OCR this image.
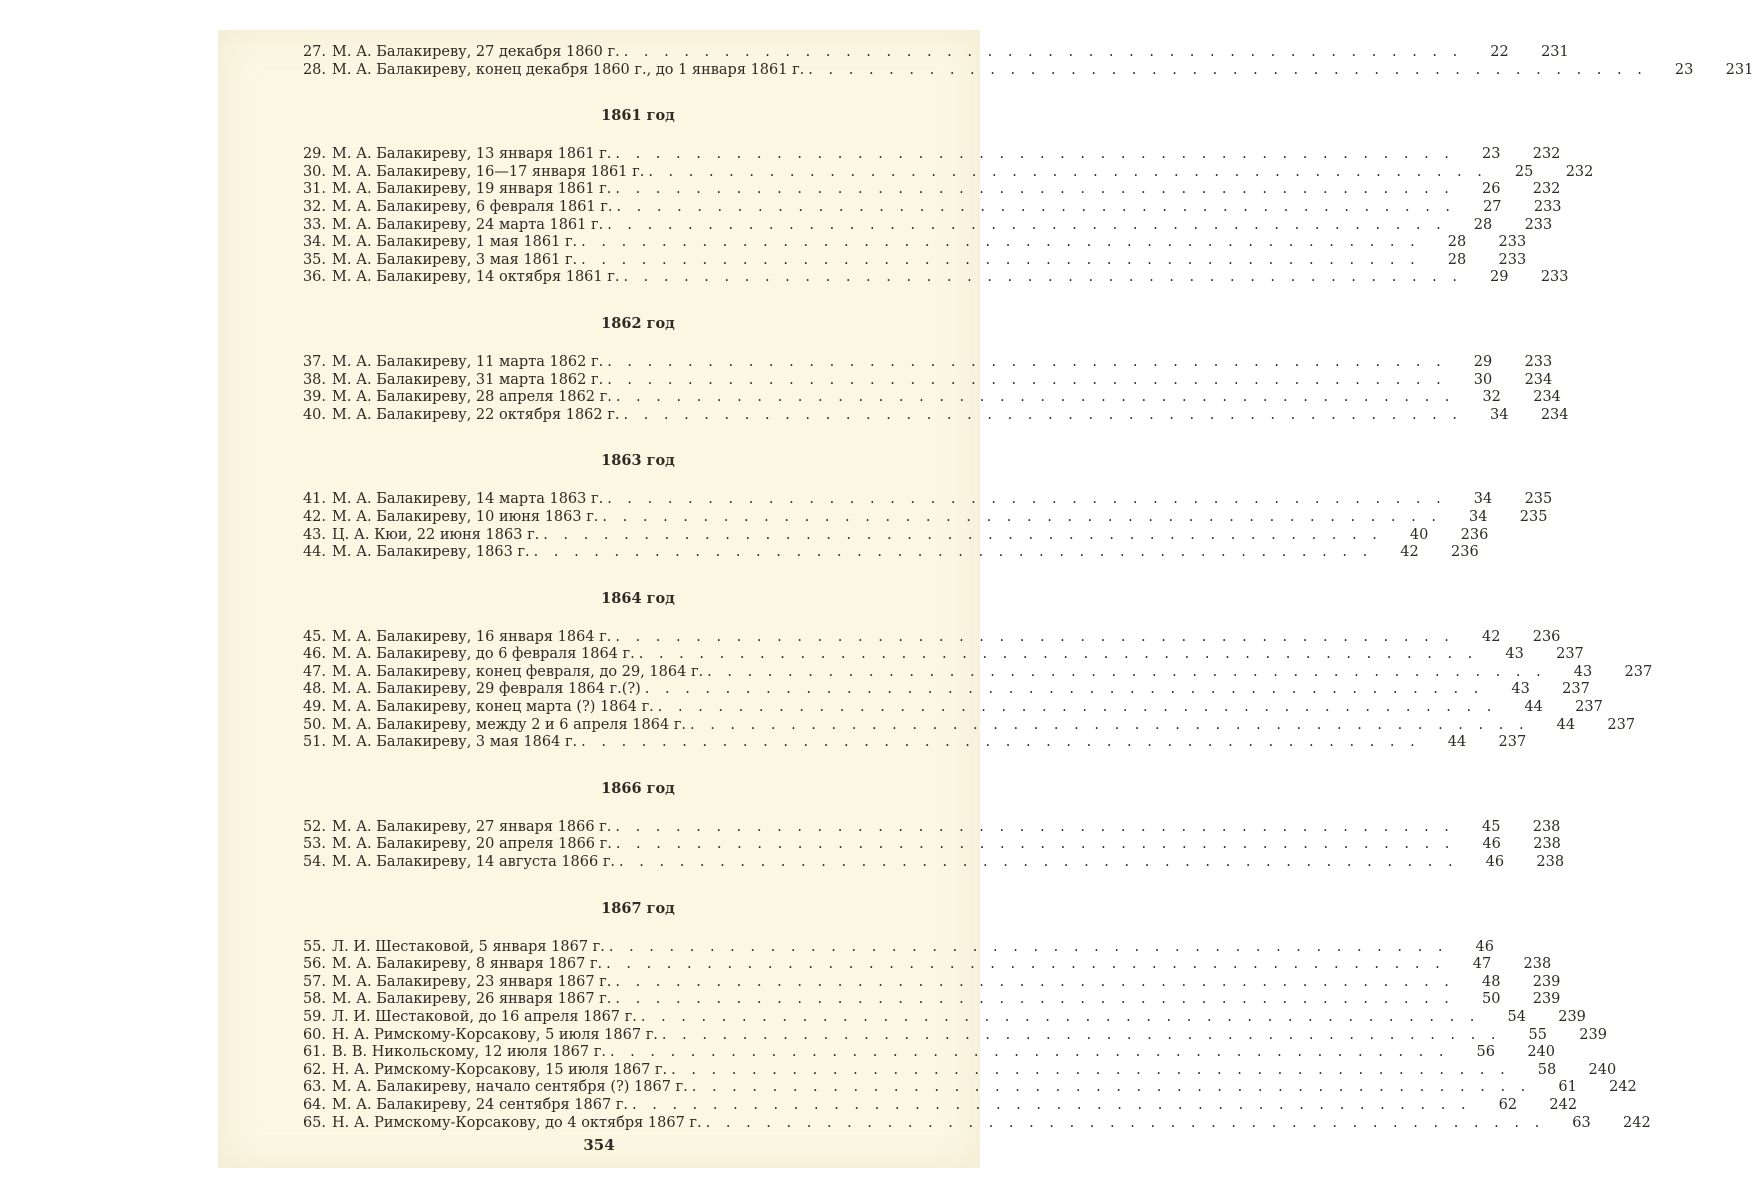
27. М. А. Балакиреву, 27 декабря 1860 г. . . . . . . . . . . . . . . . . . . . . . . . . . . . . . . . . . . . . . . . . . .	22	231
28. М. А. Балакиреву, конец декабря 1860 г., до 1 января 1861 г. . . . . . . . . . . . . . . . . . . . . . . . . . . . . . . . . . . . . . . . . . .	23	231
1861 год
29. М. А. Балакиреву, 13 января 1861 г. . . . . . . . . . . . . . . . . . . . . . . . . . . . . . . . . . . . . . . . . . .	23	232
30. М. А. Балакиреву, 16—17 января 1861 г. . . . . . . . . . . . . . . . . . . . . . . . . . . . . . . . . . . . . . . . . . .	25	232
31. М. А. Балакиреву, 19 января 1861 г. . . . . . . . . . . . . . . . . . . . . . . . . . . . . . . . . . . . . . . . . . .	26	232
32. М. А. Балакиреву, 6 февраля 1861 г. . . . . . . . . . . . . . . . . . . . . . . . . . . . . . . . . . . . . . . . . . .	27	233
33. М. А. Балакиреву, 24 марта 1861 г. . . . . . . . . . . . . . . . . . . . . . . . . . . . . . . . . . . . . . . . . . .	28	233
34. М. А. Балакиреву, 1 мая 1861 г. . . . . . . . . . . . . . . . . . . . . . . . . . . . . . . . . . . . . . . . . . .	28	233
35. М. А. Балакиреву, 3 мая 1861 г. . . . . . . . . . . . . . . . . . . . . . . . . . . . . . . . . . . . . . . . . . .	28	233
36. М. А. Балакиреву, 14 октября 1861 г. . . . . . . . . . . . . . . . . . . . . . . . . . . . . . . . . . . . . . . . . . .	29	233
1862 год
37. М. А. Балакиреву, 11 марта 1862 г. . . . . . . . . . . . . . . . . . . . . . . . . . . . . . . . . . . . . . . . . . .	29	233
38. М. А. Балакиреву, 31 марта 1862 г. . . . . . . . . . . . . . . . . . . . . . . . . . . . . . . . . . . . . . . . . . .	30	234
39. М. А. Балакиреву, 28 апреля 1862 г. . . . . . . . . . . . . . . . . . . . . . . . . . . . . . . . . . . . . . . . . . .	32	234
40. М. А. Балакиреву, 22 октября 1862 г. . . . . . . . . . . . . . . . . . . . . . . . . . . . . . . . . . . . . . . . . . .	34	234
1863 год
41. М. А. Балакиреву, 14 марта 1863 г. . . . . . . . . . . . . . . . . . . . . . . . . . . . . . . . . . . . . . . . . . .	34	235
42. М. А. Балакиреву, 10 июня 1863 г. . . . . . . . . . . . . . . . . . . . . . . . . . . . . . . . . . . . . . . . . . .	34	235
43. Ц. А. Кюи, 22 июня 1863 г. . . . . . . . . . . . . . . . . . . . . . . . . . . . . . . . . . . . . . . . . . .	40	236
44. М. А. Балакиреву, 1863 г. . . . . . . . . . . . . . . . . . . . . . . . . . . . . . . . . . . . . . . . . . .	42	236
1864 год
45. М. А. Балакиреву, 16 января 1864 г. . . . . . . . . . . . . . . . . . . . . . . . . . . . . . . . . . . . . . . . . . .	42	236
46. М. А. Балакиреву, до 6 февраля 1864 г. . . . . . . . . . . . . . . . . . . . . . . . . . . . . . . . . . . . . . . . . . .	43	237
47. М. А. Балакиреву, конец февраля, до 29, 1864 г. . . . . . . . . . . . . . . . . . . . . . . . . . . . . . . . . . . . . . . . . . .	43	237
48. М. А. Балакиреву, 29 февраля 1864 г.(?) . . . . . . . . . . . . . . . . . . . . . . . . . . . . . . . . . . . . . . . . . .	43	237
49. М. А. Балакиреву, конец марта (?) 1864 г. . . . . . . . . . . . . . . . . . . . . . . . . . . . . . . . . . . . . . . . . . .	44	237
50. М. А. Балакиреву, между 2 и 6 апреля 1864 г. . . . . . . . . . . . . . . . . . . . . . . . . . . . . . . . . . . . . . . . . . .	44	237
51. М. А. Балакиреву, 3 мая 1864 г. . . . . . . . . . . . . . . . . . . . . . . . . . . . . . . . . . . . . . . . . . .	44	237
1866 год
52. М. А. Балакиреву, 27 января 1866 г. . . . . . . . . . . . . . . . . . . . . . . . . . . . . . . . . . . . . . . . . . .	45	238
53. М. А. Балакиреву, 20 апреля 1866 г. . . . . . . . . . . . . . . . . . . . . . . . . . . . . . . . . . . . . . . . . . .	46	238
54. М. А. Балакиреву, 14 августа 1866 г. . . . . . . . . . . . . . . . . . . . . . . . . . . . . . . . . . . . . . . . . . .	46	238
1867 год
55. Л. И. Шестаковой, 5 января 1867 г. . . . . . . . . . . . . . . . . . . . . . . . . . . . . . . . . . . . . . . . . . .	46
56. М. А. Балакиреву, 8 января 1867 г. . . . . . . . . . . . . . . . . . . . . . . . . . . . . . . . . . . . . . . . . . .	47	238
57. М. А. Балакиреву, 23 января 1867 г. . . . . . . . . . . . . . . . . . . . . . . . . . . . . . . . . . . . . . . . . . .	48	239
58. М. А. Балакиреву, 26 января 1867 г. . . . . . . . . . . . . . . . . . . . . . . . . . . . . . . . . . . . . . . . . . .	50	239
59. Л. И. Шестаковой, до 16 апреля 1867 г. . . . . . . . . . . . . . . . . . . . . . . . . . . . . . . . . . . . . . . . . . .	54	239
60. Н. А. Римскому-Корсакову, 5 июля 1867 г. . . . . . . . . . . . . . . . . . . . . . . . . . . . . . . . . . . . . . . . . . .	55	239
61. В. В. Никольскому, 12 июля 1867 г. . . . . . . . . . . . . . . . . . . . . . . . . . . . . . . . . . . . . . . . . . .	56	240
62. Н. А. Римскому-Корсакову, 15 июля 1867 г. . . . . . . . . . . . . . . . . . . . . . . . . . . . . . . . . . . . . . . . . . .	58	240
63. М. А. Балакиреву, начало сентября (?) 1867 г. . . . . . . . . . . . . . . . . . . . . . . . . . . . . . . . . . . . . . . . . . .	61	242
64. М. А. Балакиреву, 24 сентября 1867 г. . . . . . . . . . . . . . . . . . . . . . . . . . . . . . . . . . . . . . . . . . .	62	242
65. Н. А. Римскому-Корсакову, до 4 октября 1867 г. . . . . . . . . . . . . . . . . . . . . . . . . . . . . . . . . . . . . . . . . . .	63	242
354
